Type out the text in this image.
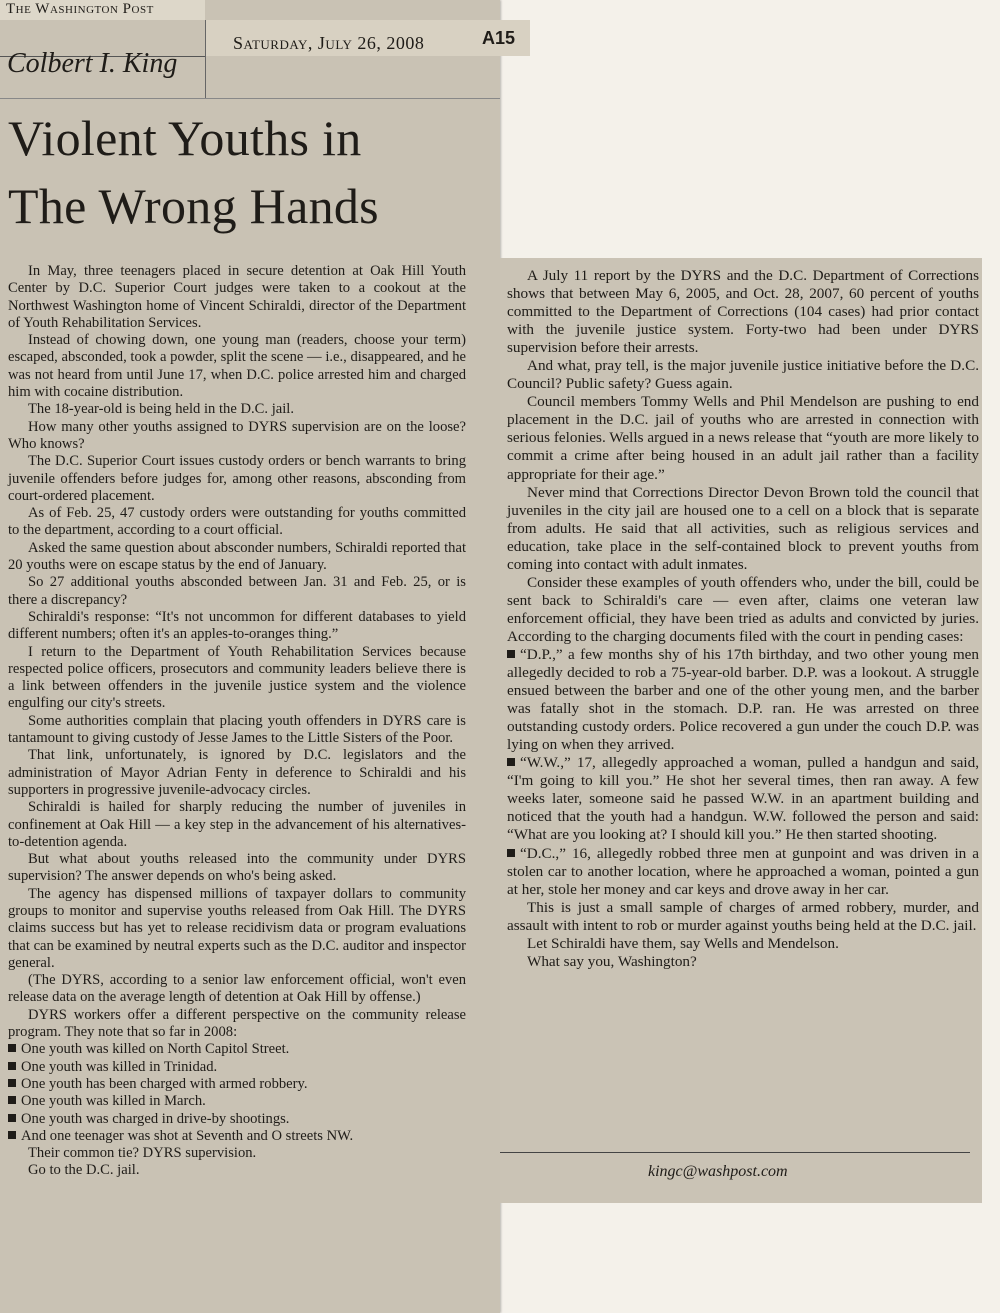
The Washington Post
Saturday, July 26, 2008	A15
Colbert I. King
Violent Youths in
The Wrong Hands

In May, three teenagers placed in secure detention at Oak Hill Youth Center by D.C. Superior Court judges were taken to a cookout at the Northwest Washington home of Vincent Schiraldi, director of the Department of Youth Rehabilitation Services.

Instead of chowing down, one young man (readers, choose your term) escaped, absconded, took a powder, split the scene — i.e., disappeared, and he was not heard from until June 17, when D.C. police arrested him and charged him with cocaine distribution.

The 18-year-old is being held in the D.C. jail.

How many other youths assigned to DYRS supervision are on the loose? Who knows?

The D.C. Superior Court issues custody orders or bench warrants to bring juvenile offenders before judges for, among other reasons, absconding from court-ordered placement.

As of Feb. 25, 47 custody orders were outstanding for youths committed to the department, according to a court official.

Asked the same question about absconder numbers, Schiraldi reported that 20 youths were on escape status by the end of January.

So 27 additional youths absconded between Jan. 31 and Feb. 25, or is there a discrepancy?

Schiraldi's response: “It's not uncommon for different databases to yield different numbers; often it's an apples-to-oranges thing.”

I return to the Department of Youth Rehabilitation Services because respected police officers, prosecutors and community leaders believe there is a link between offenders in the juvenile justice system and the violence engulfing our city's streets.

Some authorities complain that placing youth offenders in DYRS care is tantamount to giving custody of Jesse James to the Little Sisters of the Poor.

That link, unfortunately, is ignored by D.C. legislators and the administration of Mayor Adrian Fenty in deference to Schiraldi and his supporters in progressive juvenile-advocacy circles.

Schiraldi is hailed for sharply reducing the number of juveniles in confinement at Oak Hill — a key step in the advancement of his alternatives-to-detention agenda.

But what about youths released into the community under DYRS supervision? The answer depends on who's being asked.

The agency has dispensed millions of taxpayer dollars to community groups to monitor and supervise youths released from Oak Hill. The DYRS claims success but has yet to release recidivism data or program evaluations that can be examined by neutral experts such as the D.C. auditor and inspector general.

(The DYRS, according to a senior law enforcement official, won't even release data on the average length of detention at Oak Hill by offense.)

DYRS workers offer a different perspective on the community release program. They note that so far in 2008:

One youth was killed on North Capitol Street.

One youth was killed in Trinidad.

One youth has been charged with armed robbery.

One youth was killed in March.

One youth was charged in drive-by shootings.

And one teenager was shot at Seventh and O streets NW.

Their common tie? DYRS supervision.

Go to the D.C. jail.

A July 11 report by the DYRS and the D.C. Department of Corrections shows that between May 6, 2005, and Oct. 28, 2007, 60 percent of youths committed to the Department of Corrections (104 cases) had prior contact with the juvenile justice system. Forty-two had been under DYRS supervision before their arrests.

And what, pray tell, is the major juvenile justice initiative before the D.C. Council? Public safety? Guess again.

Council members Tommy Wells and Phil Mendelson are pushing to end placement in the D.C. jail of youths who are arrested in connection with serious felonies. Wells argued in a news release that “youth are more likely to commit a crime after being housed in an adult jail rather than a facility appropriate for their age.”

Never mind that Corrections Director Devon Brown told the council that juveniles in the city jail are housed one to a cell on a block that is separate from adults. He said that all activities, such as religious services and education, take place in the self-contained block to prevent youths from coming into contact with adult inmates.

Consider these examples of youth offenders who, under the bill, could be sent back to Schiraldi's care — even after, claims one veteran law enforcement official, they have been tried as adults and convicted by juries. According to the charging documents filed with the court in pending cases:

“D.P.,” a few months shy of his 17th birthday, and two other young men allegedly decided to rob a 75-year-old barber. D.P. was a lookout. A struggle ensued between the barber and one of the other young men, and the barber was fatally shot in the stomach. D.P. ran. He was arrested on three outstanding custody orders. Police recovered a gun under the couch D.P. was lying on when they arrived.

“W.W.,” 17, allegedly approached a woman, pulled a handgun and said, “I'm going to kill you.” He shot her several times, then ran away. A few weeks later, someone said he passed W.W. in an apartment building and noticed that the youth had a handgun. W.W. followed the person and said: “What are you looking at? I should kill you.” He then started shooting.

“D.C.,” 16, allegedly robbed three men at gunpoint and was driven in a stolen car to another location, where he approached a woman, pointed a gun at her, stole her money and car keys and drove away in her car.

This is just a small sample of charges of armed robbery, murder, and assault with intent to rob or murder against youths being held at the D.C. jail.

Let Schiraldi have them, say Wells and Mendelson.

What say you, Washington?

kingc@washpost.com
